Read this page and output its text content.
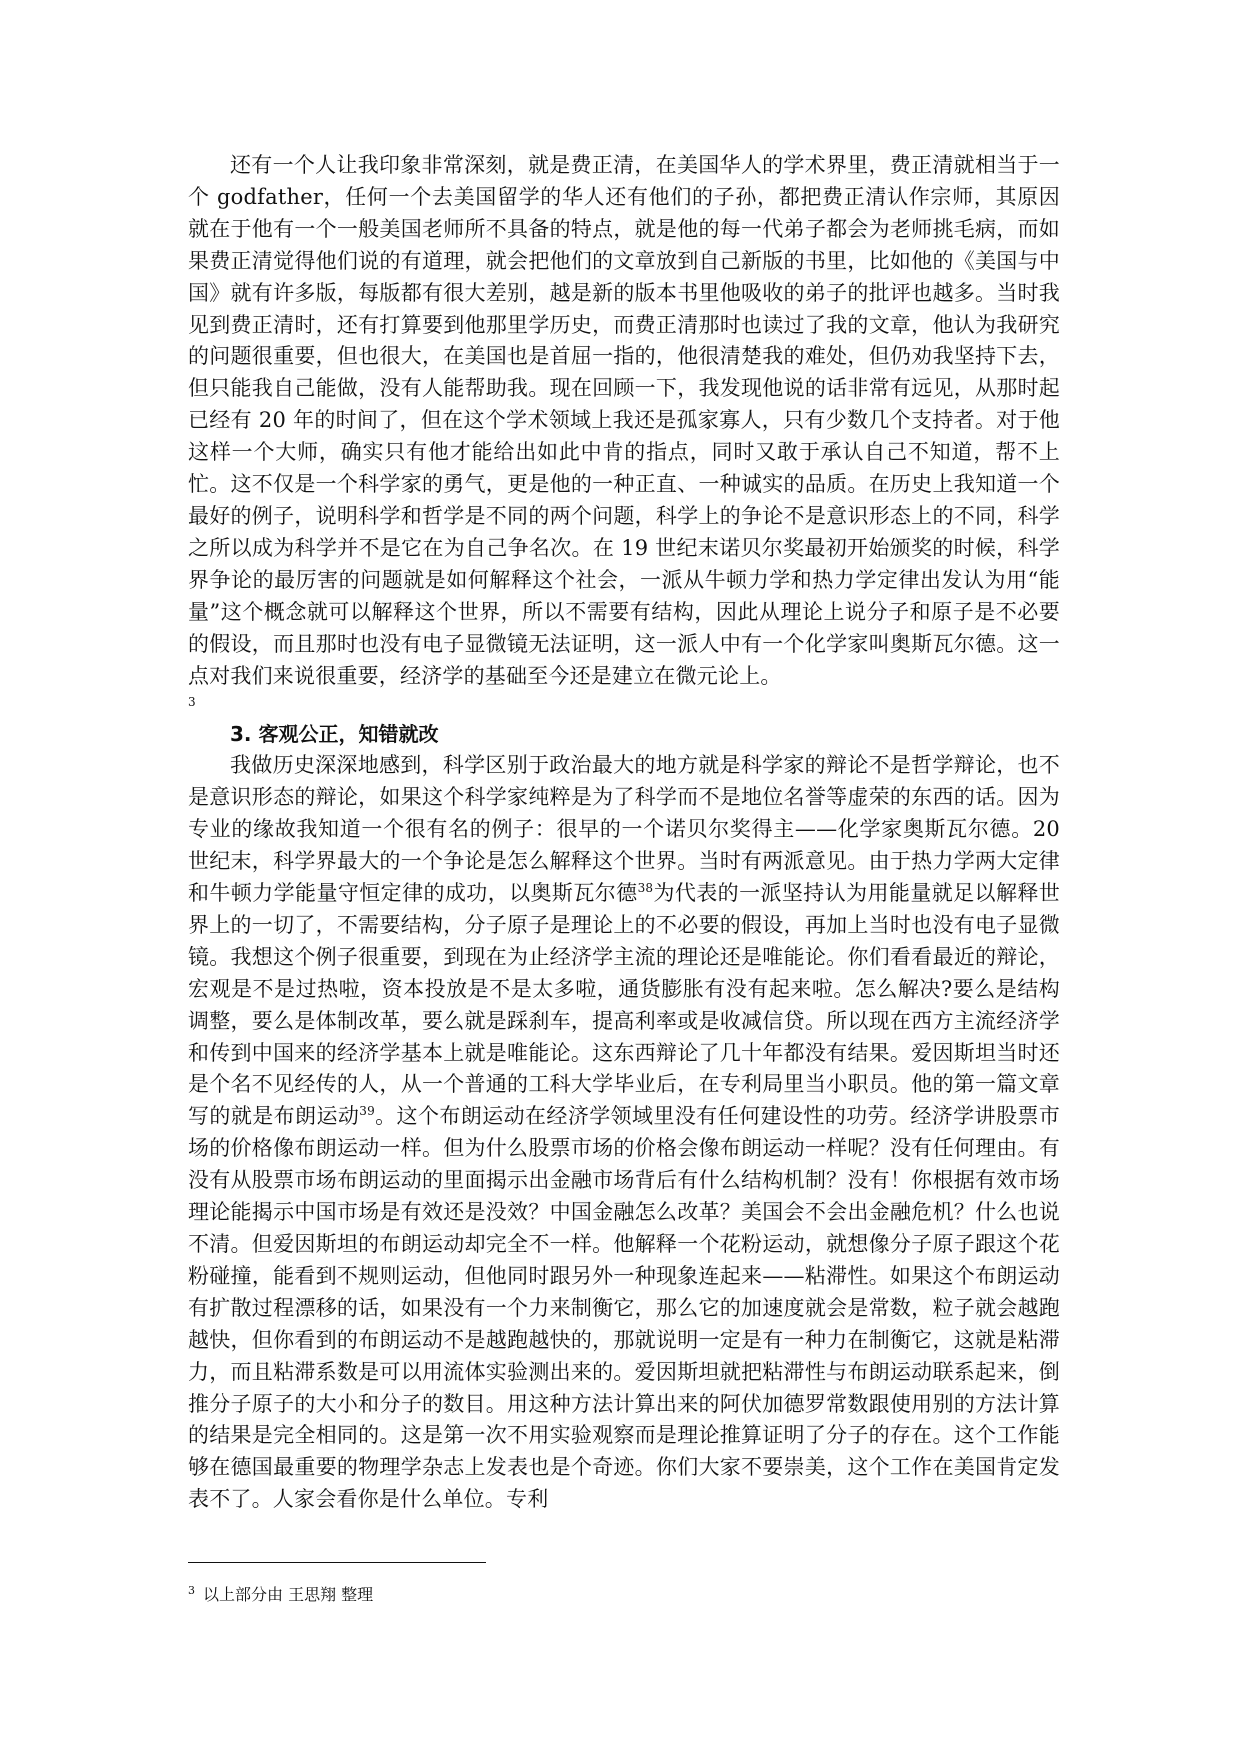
还有一个人让我印象非常深刻，就是费正清，在美国华人的学术界里，费正清就相当于一个 godfather，任何一个去美国留学的华人还有他们的子孙，都把费正清认作宗师，其原因就在于他有一个一般美国老师所不具备的特点，就是他的每一代弟子都会为老师挑毛病，而如果费正清觉得他们说的有道理，就会把他们的文章放到自己新版的书里，比如他的《美国与中国》就有许多版，每版都有很大差别，越是新的版本书里他吸收的弟子的批评也越多。当时我见到费正清时，还有打算要到他那里学历史，而费正清那时也读过了我的文章，他认为我研究的问题很重要，但也很大，在美国也是首屈一指的，他很清楚我的难处，但仍劝我坚持下去，但只能我自己能做，没有人能帮助我。现在回顾一下，我发现他说的话非常有远见，从那时起已经有 20 年的时间了，但在这个学术领域上我还是孤家寡人，只有少数几个支持者。对于他这样一个大师，确实只有他才能给出如此中肯的指点，同时又敢于承认自己不知道，帮不上忙。这不仅是一个科学家的勇气，更是他的一种正直、一种诚实的品质。在历史上我知道一个最好的例子，说明科学和哲学是不同的两个问题，科学上的争论不是意识形态上的不同，科学之所以成为科学并不是它在为自己争名次。在 19 世纪末诺贝尔奖最初开始颁奖的时候，科学界争论的最厉害的问题就是如何解释这个社会，一派从牛顿力学和热力学定律出发认为用“能量”这个概念就可以解释这个世界，所以不需要有结构，因此从理论上说分子和原子是不必要的假设，而且那时也没有电子显微镜无法证明，这一派人中有一个化学家叫奥斯瓦尔德。这一点对我们来说很重要，经济学的基础至今还是建立在微元论上。

3

3. 客观公正，知错就改

我做历史深深地感到，科学区别于政治最大的地方就是科学家的辩论不是哲学辩论，也不是意识形态的辩论，如果这个科学家纯粹是为了科学而不是地位名誉等虚荣的东西的话。因为专业的缘故我知道一个很有名的例子：很早的一个诺贝尔奖得主——化学家奥斯瓦尔德。20 世纪末，科学界最大的一个争论是怎么解释这个世界。当时有两派意见。由于热力学两大定律和牛顿力学能量守恒定律的成功，以奥斯瓦尔德$^{38}$为代表的一派坚持认为用能量就足以解释世界上的一切了，不需要结构，分子原子是理论上的不必要的假设，再加上当时也没有电子显微镜。我想这个例子很重要，到现在为止经济学主流的理论还是唯能论。你们看看最近的辩论，宏观是不是过热啦，资本投放是不是太多啦，通货膨胀有没有起来啦。怎么解决?要么是结构调整，要么是体制改革，要么就是踩刹车，提高利率或是收减信贷。所以现在西方主流经济学和传到中国来的经济学基本上就是唯能论。这东西辩论了几十年都没有结果。爱因斯坦当时还是个名不见经传的人，从一个普通的工科大学毕业后，在专利局里当小职员。他的第一篇文章写的就是布朗运动$^{39}$。这个布朗运动在经济学领域里没有任何建设性的功劳。经济学讲股票市场的价格像布朗运动一样。但为什么股票市场的价格会像布朗运动一样呢？没有任何理由。有没有从股票市场布朗运动的里面揭示出金融市场背后有什么结构机制？没有！你根据有效市场理论能揭示中国市场是有效还是没效？中国金融怎么改革？美国会不会出金融危机？什么也说不清。但爱因斯坦的布朗运动却完全不一样。他解释一个花粉运动，就想像分子原子跟这个花粉碰撞，能看到不规则运动，但他同时跟另外一种现象连起来——粘滞性。如果这个布朗运动有扩散过程漂移的话，如果没有一个力来制衡它，那么它的加速度就会是常数，粒子就会越跑越快，但你看到的布朗运动不是越跑越快的，那就说明一定是有一种力在制衡它，这就是粘滞力，而且粘滞系数是可以用流体实验测出来的。爱因斯坦就把粘滞性与布朗运动联系起来，倒推分子原子的大小和分子的数目。用这种方法计算出来的阿伏加德罗常数跟使用别的方法计算的结果是完全相同的。这是第一次不用实验观察而是理论推算证明了分子的存在。这个工作能够在德国最重要的物理学杂志上发表也是个奇迹。你们大家不要崇美，这个工作在美国肯定发表不了。人家会看你是什么单位。专利

$^3$ 以上部分由 王思翔 整理
